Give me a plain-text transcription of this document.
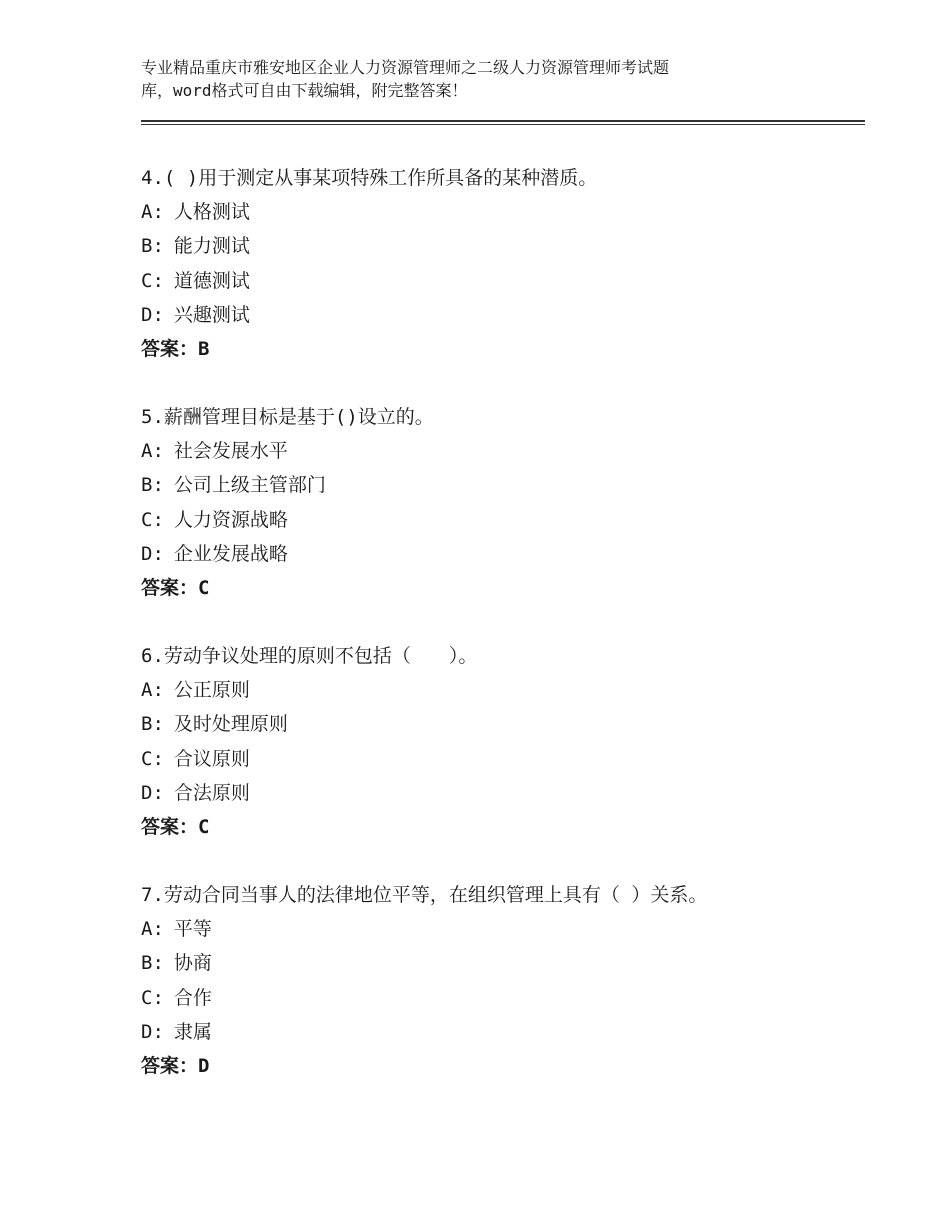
专业精品重庆市雅安地区企业人力资源管理师之二级人力资源管理师考试题
库，word格式可自由下载编辑，附完整答案！
4.( )用于测定从事某项特殊工作所具备的某种潜质。
A: 人格测试
B: 能力测试
C: 道德测试
D: 兴趣测试
答案：B
5.薪酬管理目标是基于()设立的。
A: 社会发展水平
B: 公司上级主管部门
C: 人力资源战略
D: 企业发展战略
答案：C
6.劳动争议处理的原则不包括（　　）。
A: 公正原则
B: 及时处理原则
C: 合议原则
D: 合法原则
答案：C
7.劳动合同当事人的法律地位平等，在组织管理上具有（ ）关系。
A: 平等
B: 协商
C: 合作
D: 隶属
答案：D
